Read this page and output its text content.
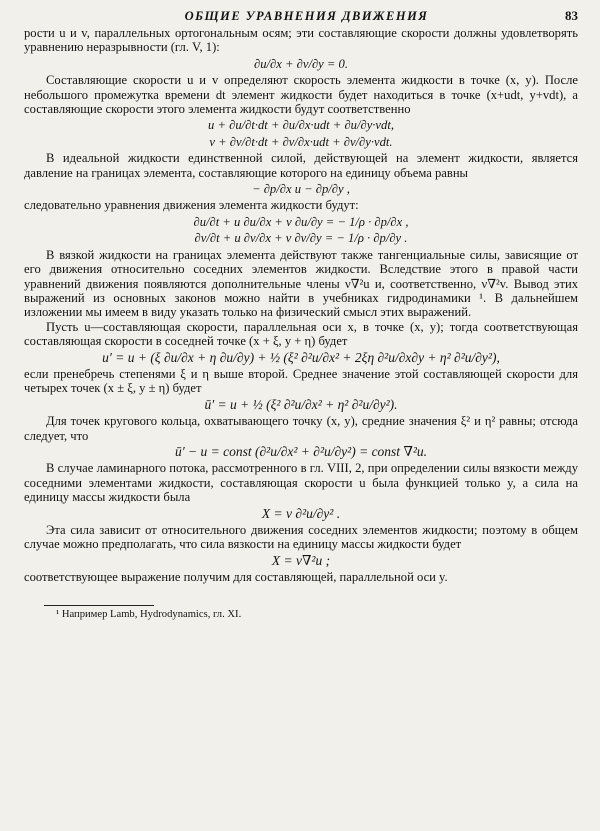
ОБЩИЕ УРАВНЕНИЯ ДВИЖЕНИЯ	83

рости u и v, параллельных ортогональным осям; эти составляющие скорости должны удовлетворять уравнению неразрывности (гл. V, 1):

∂u/∂x + ∂v/∂y = 0.

Составляющие скорости u и v определяют скорость элемента жидкости в точке (x, y). После небольшого промежутка времени dt элемент жидкости будет находиться в точке (x+udt, y+vdt), а составляющие скорости этого элемента жидкости будут соответственно

u + ∂u/∂t·dt + ∂u/∂x·udt + ∂u/∂y·vdt,
v + ∂v/∂t·dt + ∂v/∂x·udt + ∂v/∂y·vdt.

В идеальной жидкости единственной силой, действующей на элемент жидкости, является давление на границах элемента, составляющие которого на единицу объема равны

− ∂p/∂x и − ∂p/∂y ,

следовательно уравнения движения элемента жидкости будут:

∂u/∂t + u ∂u/∂x + v ∂u/∂y = − 1/ρ · ∂p/∂x ,
∂v/∂t + u ∂v/∂x + v ∂v/∂y = − 1/ρ · ∂p/∂y .

В вязкой жидкости на границах элемента действуют также тангенциальные силы, зависящие от его движения относительно соседних элементов жидкости. Вследствие этого в правой части уравнений движения появляются дополнительные члены ν∇²u и, соответственно, ν∇²v. Вывод этих выражений из основных законов можно найти в учебниках гидродинамики ¹. В дальнейшем изложении мы имеем в виду указать только на физический смысл этих выражений.

Пусть u—составляющая скорости, параллельная оси x, в точке (x, y); тогда соответствующая составляющая скорости в соседней точке (x + ξ, y + η) будет

u′ = u + (ξ ∂u/∂x + η ∂u/∂y) + ½ (ξ² ∂²u/∂x² + 2ξη ∂²u/∂x∂y + η² ∂²u/∂y²),

если пренебречь степенями ξ и η выше второй. Среднее значение этой составляющей скорости для четырех точек (x ± ξ, y ± η) будет

ū′ = u + ½ (ξ² ∂²u/∂x² + η² ∂²u/∂y²).

Для точек кругового кольца, охватывающего точку (x, y), средние значения ξ² и η² равны; отсюда следует, что

ū′ − u = const (∂²u/∂x² + ∂²u/∂y²) = const ∇²u.

В случае ламинарного потока, рассмотренного в гл. VIII, 2, при определении силы вязкости между соседними элементами жидкости, составляющая скорости u была функцией только y, а сила на единицу массы жидкости была

X = ν ∂²u/∂y² .

Эта сила зависит от относительного движения соседних элементов жидкости; поэтому в общем случае можно предполагать, что сила вязкости на единицу массы жидкости будет

X = ν∇²u ;

соответствующее выражение получим для составляющей, параллельной оси y.

¹ Например Lamb, Hydrodynamics, гл. XI.
